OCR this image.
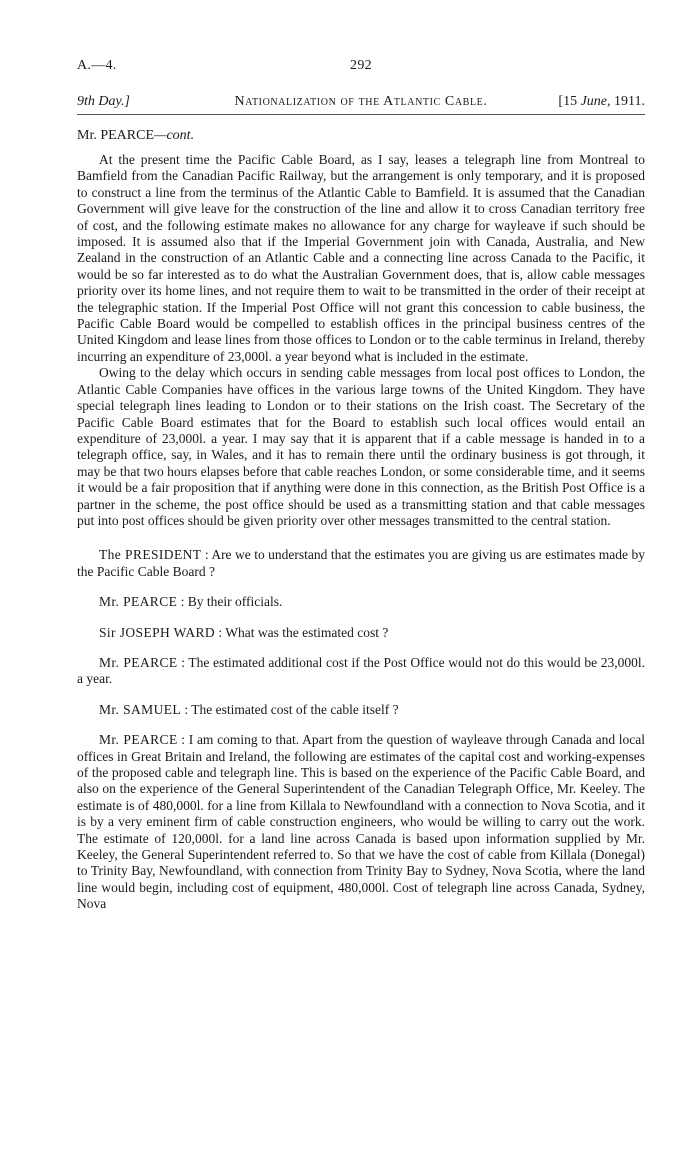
A.—4.	292
9th Day.]	Nationalization of the Atlantic Cable.	[15 June, 1911.
Mr. PEARCE—cont.

At the present time the Pacific Cable Board, as I say, leases a telegraph line from Montreal to Bamfield from the Canadian Pacific Railway, but the arrangement is only temporary, and it is proposed to construct a line from the terminus of the Atlantic Cable to Bamfield. It is assumed that the Canadian Government will give leave for the construction of the line and allow it to cross Canadian territory free of cost, and the following estimate makes no allowance for any charge for wayleave if such should be imposed. It is assumed also that if the Imperial Government join with Canada, Australia, and New Zealand in the construction of an Atlantic Cable and a connecting line across Canada to the Pacific, it would be so far interested as to do what the Australian Government does, that is, allow cable messages priority over its home lines, and not require them to wait to be transmitted in the order of their receipt at the telegraphic station. If the Imperial Post Office will not grant this concession to cable business, the Pacific Cable Board would be compelled to establish offices in the principal business centres of the United Kingdom and lease lines from those offices to London or to the cable terminus in Ireland, thereby incurring an expenditure of 23,000l. a year beyond what is included in the estimate.

Owing to the delay which occurs in sending cable messages from local post offices to London, the Atlantic Cable Companies have offices in the various large towns of the United Kingdom. They have special telegraph lines leading to London or to their stations on the Irish coast. The Secretary of the Pacific Cable Board estimates that for the Board to establish such local offices would entail an expenditure of 23,000l. a year. I may say that it is apparent that if a cable message is handed in to a telegraph office, say, in Wales, and it has to remain there until the ordinary business is got through, it may be that two hours elapses before that cable reaches London, or some considerable time, and it seems it would be a fair proposition that if anything were done in this connection, as the British Post Office is a partner in the scheme, the post office should be used as a transmitting station and that cable messages put into post offices should be given priority over other messages transmitted to the central station.

The PRESIDENT : Are we to understand that the estimates you are giving us are estimates made by the Pacific Cable Board ?

Mr. PEARCE : By their officials.

Sir JOSEPH WARD : What was the estimated cost ?

Mr. PEARCE : The estimated additional cost if the Post Office would not do this would be 23,000l. a year.

Mr. SAMUEL : The estimated cost of the cable itself ?

Mr. PEARCE : I am coming to that. Apart from the question of wayleave through Canada and local offices in Great Britain and Ireland, the following are estimates of the capital cost and working-expenses of the proposed cable and telegraph line. This is based on the experience of the Pacific Cable Board, and also on the experience of the General Superintendent of the Canadian Telegraph Office, Mr. Keeley. The estimate is of 480,000l. for a line from Killala to Newfoundland with a connection to Nova Scotia, and it is by a very eminent firm of cable construction engineers, who would be willing to carry out the work. The estimate of 120,000l. for a land line across Canada is based upon information supplied by Mr. Keeley, the General Superintendent referred to. So that we have the cost of cable from Killala (Donegal) to Trinity Bay, Newfoundland, with connection from Trinity Bay to Sydney, Nova Scotia, where the land line would begin, including cost of equipment, 480,000l. Cost of telegraph line across Canada, Sydney, Nova
